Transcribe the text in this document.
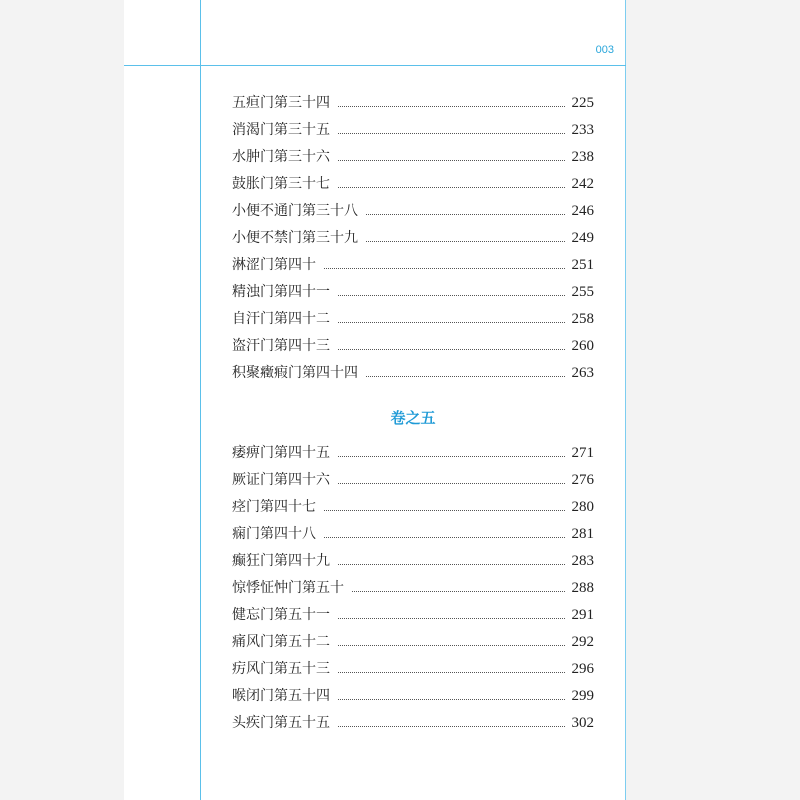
003
五疸门第三十四	225
消渴门第三十五	233
水肿门第三十六	238
鼓胀门第三十七	242
小便不通门第三十八	246
小便不禁门第三十九	249
淋涩门第四十	251
精浊门第四十一	255
自汗门第四十二	258
盗汗门第四十三	260
积聚癥瘕门第四十四	263
卷之五
痿痹门第四十五	271
厥证门第四十六	276
痉门第四十七	280
痫门第四十八	281
癫狂门第四十九	283
惊悸怔忡门第五十	288
健忘门第五十一	291
痛风门第五十二	292
疠风门第五十三	296
喉闭门第五十四	299
头疾门第五十五	302
